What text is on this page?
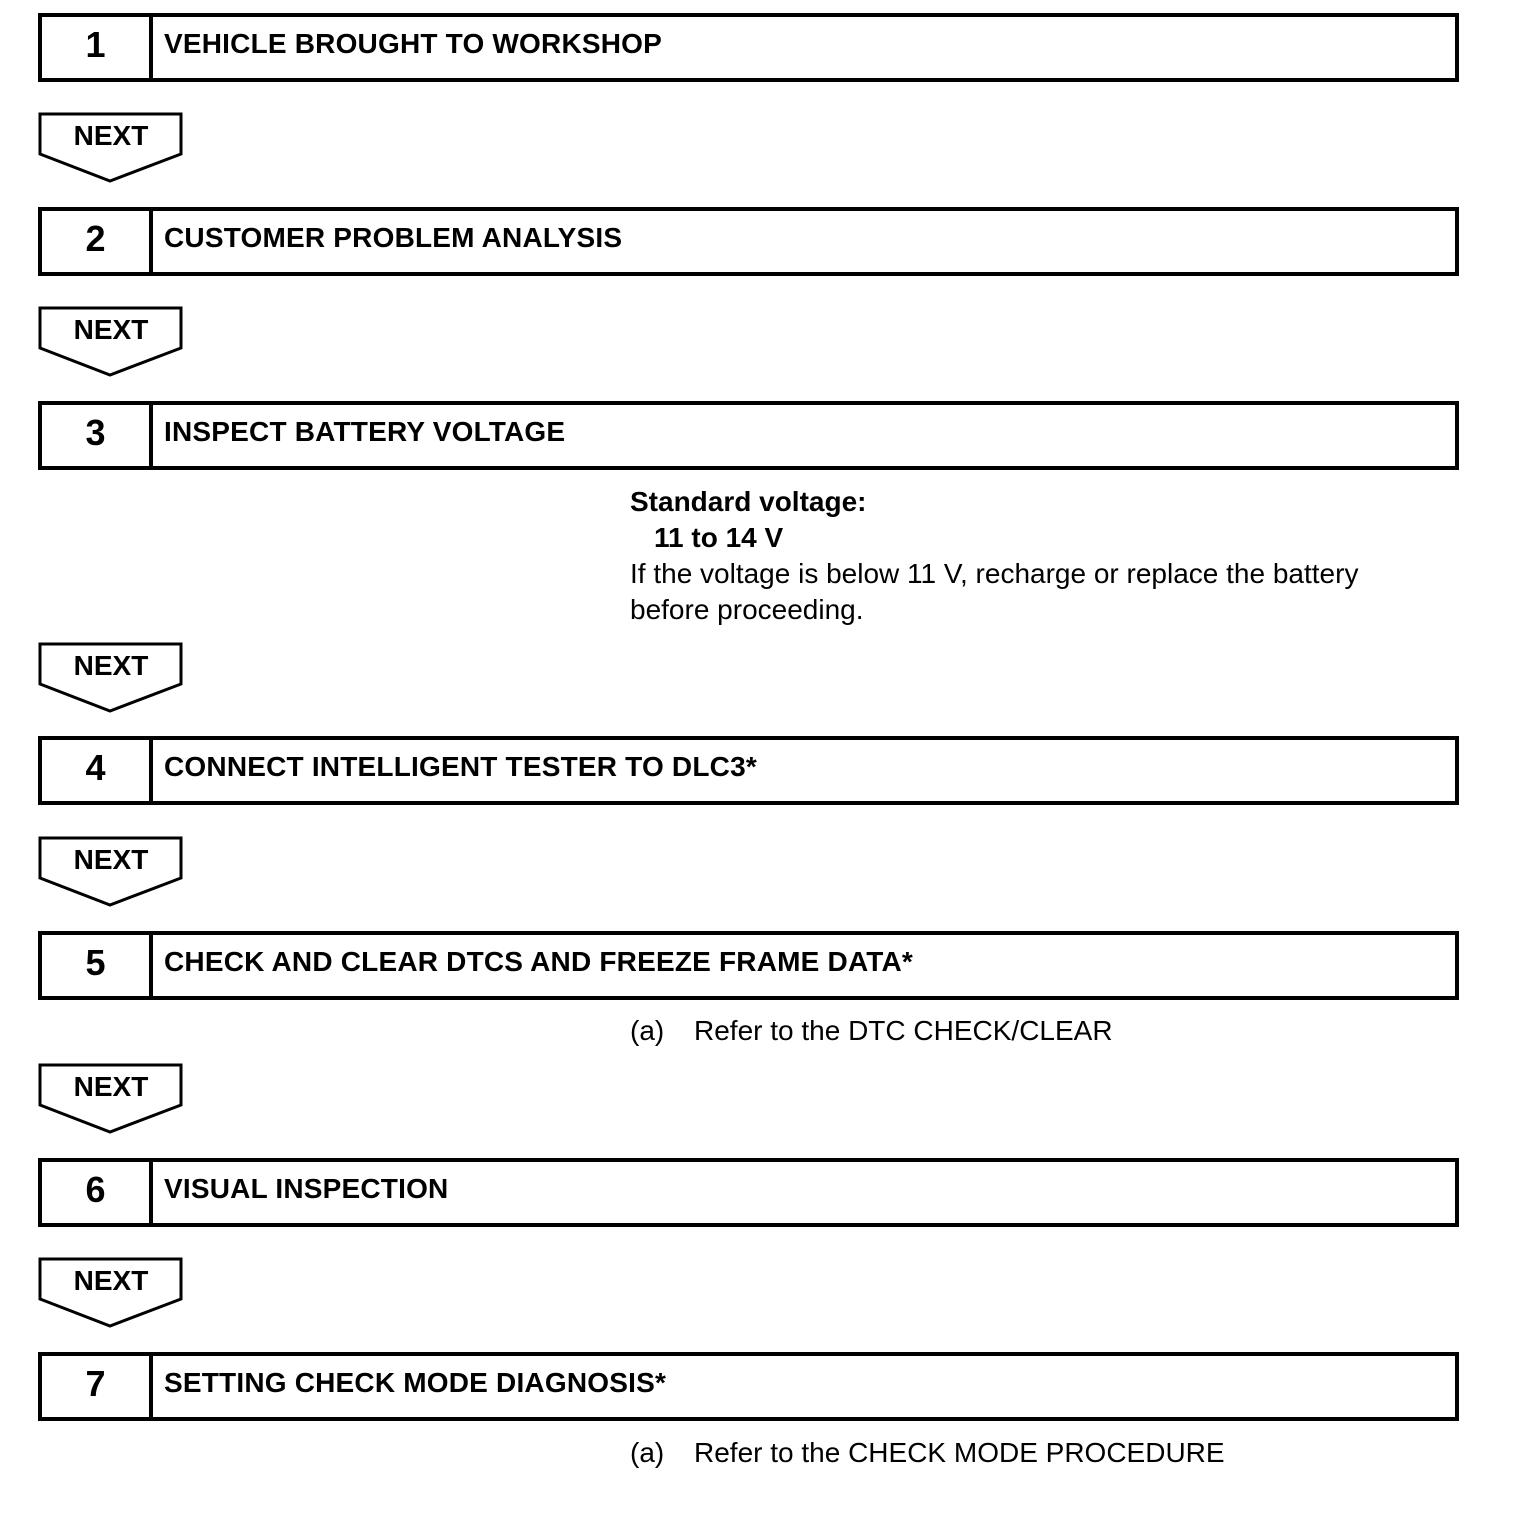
1	VEHICLE BROUGHT TO WORKSHOP
NEXT
2	CUSTOMER PROBLEM ANALYSIS
NEXT
3	INSPECT BATTERY VOLTAGE
Standard voltage:
11 to 14 V
If the voltage is below 11 V, recharge or replace the battery
before proceeding.
NEXT
4	CONNECT INTELLIGENT TESTER TO DLC3*
NEXT
5	CHECK AND CLEAR DTCS AND FREEZE FRAME DATA*
(a)	Refer to the DTC CHECK/CLEAR
NEXT
6	VISUAL INSPECTION
NEXT
7	SETTING CHECK MODE DIAGNOSIS*
(a)	Refer to the CHECK MODE PROCEDURE
